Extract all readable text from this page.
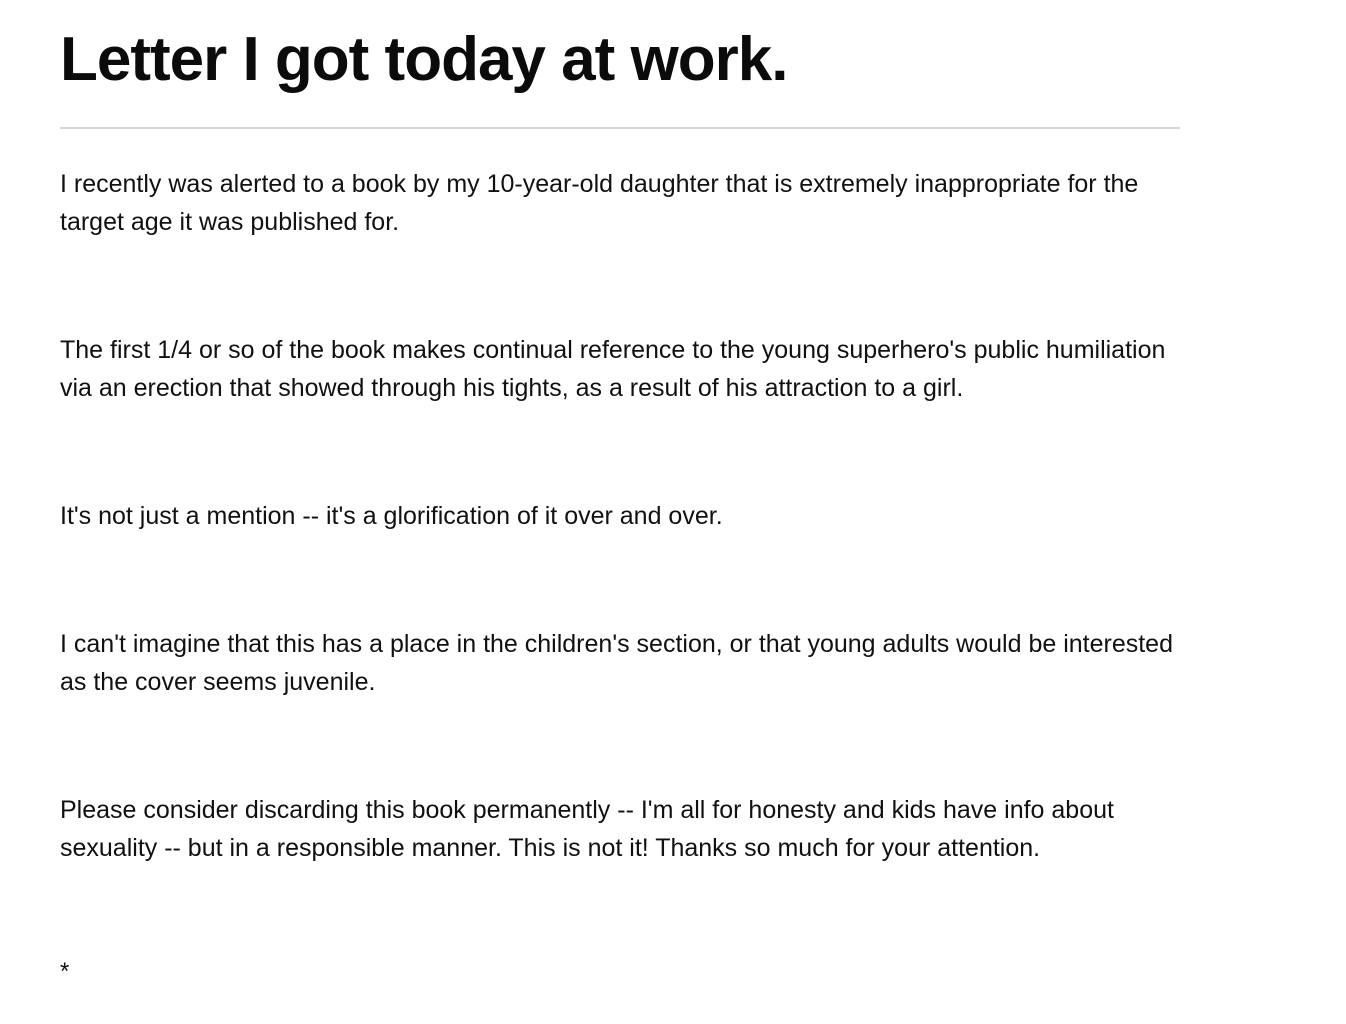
Letter I got today at work.

I recently was alerted to a book by my 10-year-old daughter that is extremely inappropriate for the target age it was published for.

The first 1/4 or so of the book makes continual reference to the young superhero's public humiliation via an erection that showed through his tights, as a result of his attraction to a girl.

It's not just a mention -- it's a glorification of it over and over.

I can't imagine that this has a place in the children's section, or that young adults would be interested as the cover seems juvenile.

Please consider discarding this book permanently -- I'm all for honesty and kids have info about sexuality -- but in a responsible manner. This is not it! Thanks so much for your attention.

*
